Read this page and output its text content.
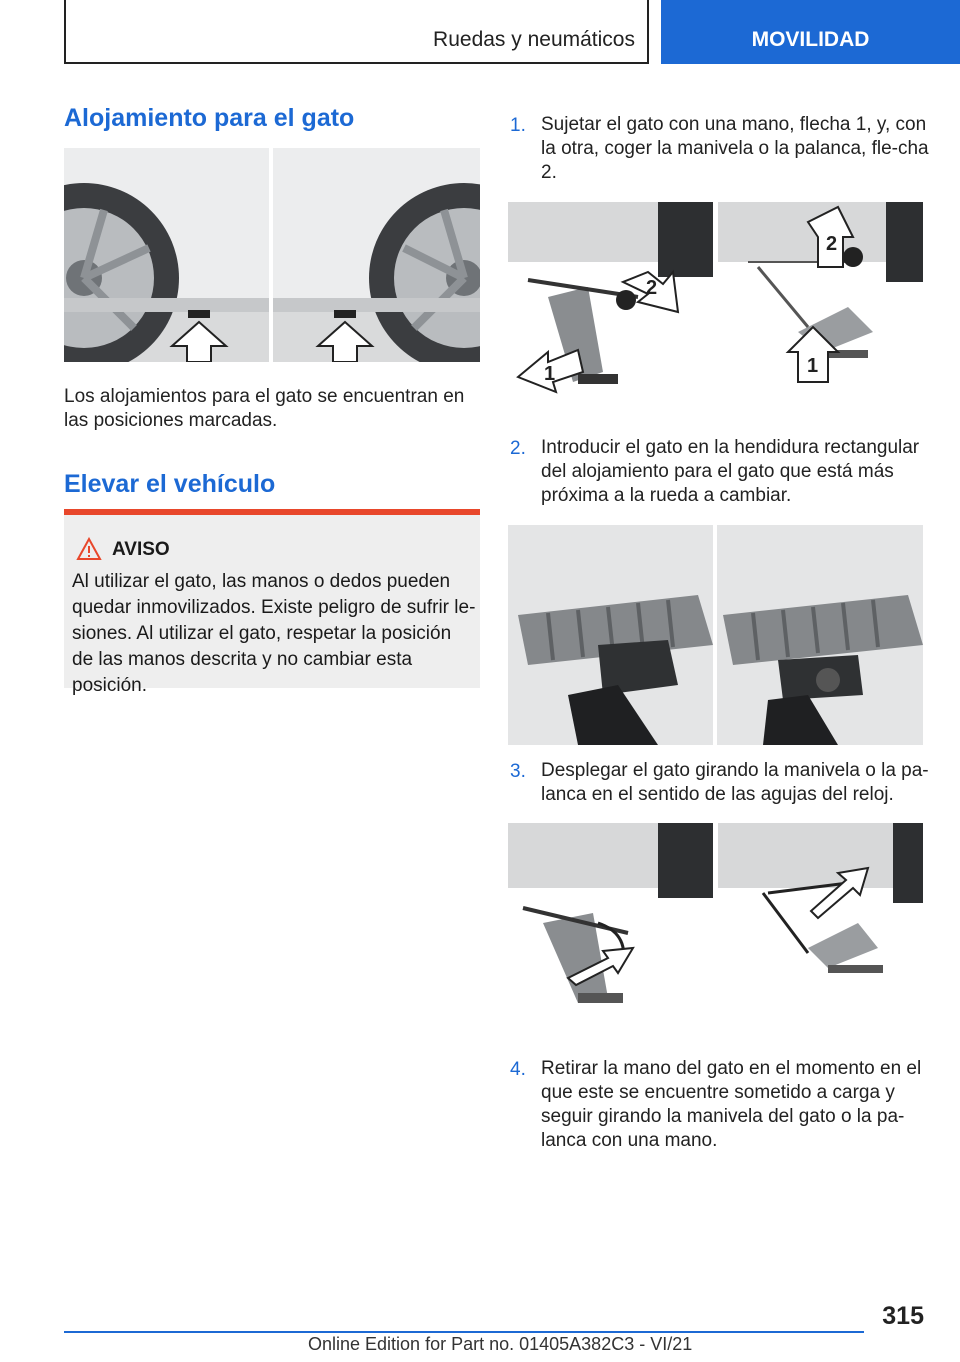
Ruedas y neumáticos	MOVILIDAD
Alojamiento para el gato

Los alojamientos para el gato se encuentran en las posiciones marcadas.

Elevar el vehículo
AVISO

Al utilizar el gato, las manos o dedos pueden quedar inmovilizados. Existe peligro de sufrir le-siones. Al utilizar el gato, respetar la posición de las manos descrita y no cambiar esta posición.

1. Sujetar el gato con una mano, flecha 1, y, con la otra, coger la manivela o la palanca, fle-cha 2.

1
2
2
1
2. Introducir el gato en la hendidura rectangular del alojamiento para el gato que está más próxima a la rueda a cambiar.

3. Desplegar el gato girando la manivela o la pa-lanca en el sentido de las agujas del reloj.

4. Retirar la mano del gato en el momento en el que este se encuentre sometido a carga y seguir girando la manivela del gato o la pa-lanca con una mano.

315
Online Edition for Part no. 01405A382C3 - VI/21
